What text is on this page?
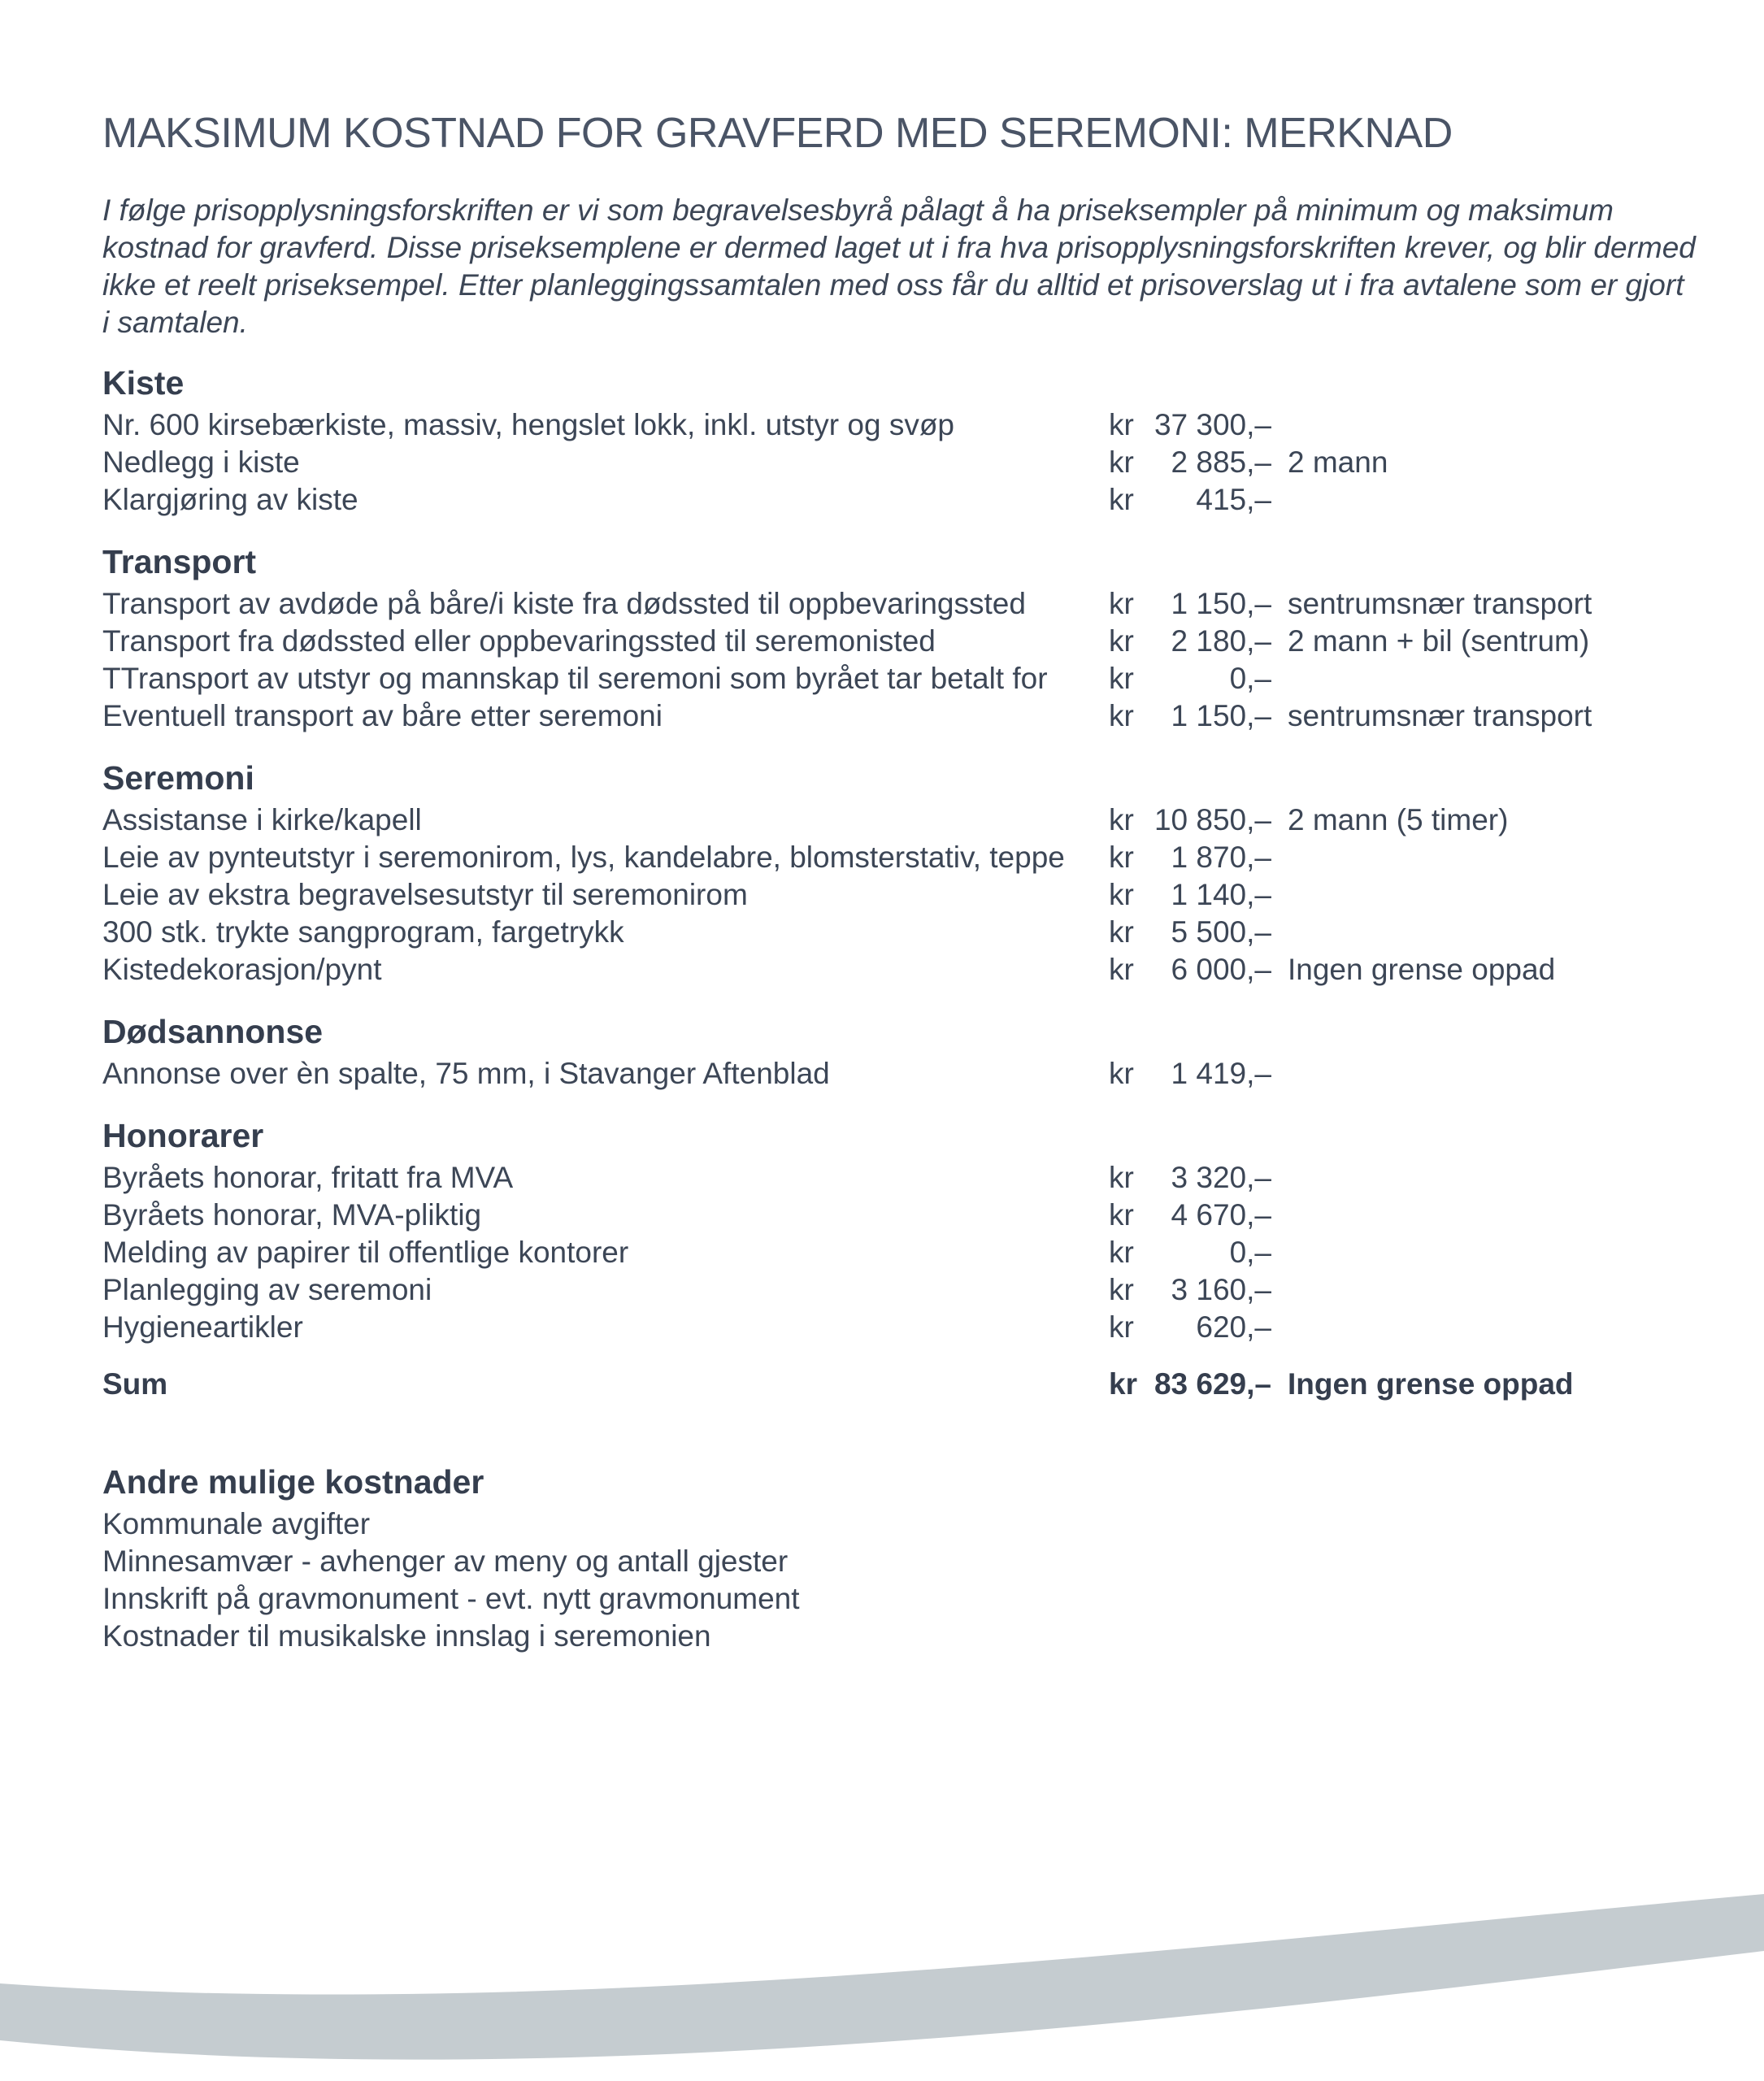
MAKSIMUM KOSTNAD FOR GRAVFERD MED SEREMONI: MERKNAD

I følge prisopplysningsforskriften er vi som begravelsesbyrå pålagt å ha priseksempler på minimum og maksimum kostnad for gravferd. Disse priseksemplene er dermed laget ut i fra hva prisopplysningsforskriften krever, og blir dermed ikke et reelt priseksempel. Etter planleggingssamtalen med oss får du alltid et prisoverslag ut i fra avtalene som er gjort i samtalen.

Kiste
Nr. 600 kirsebærkiste, massiv, hengslet lokk, inkl. utstyr og svøp	kr 37 300,–
Nedlegg i kiste	kr	2 885,– 2 mann
Klargjøring av kiste	kr	415,–
Transport
Transport av avdøde på båre/i kiste fra dødssted til oppbevaringssted	kr	1 150,– sentrumsnær transport
Transport fra dødssted eller oppbevaringssted til seremonisted	kr	2 180,– 2 mann + bil (sentrum)
TTransport av utstyr og mannskap til seremoni som byrået tar betalt for	kr	0,–
Eventuell transport av båre etter seremoni	kr	1 150,– sentrumsnær transport
Seremoni
Assistanse i kirke/kapell	kr 10 850,– 2 mann (5 timer)
Leie av pynteutstyr i seremonirom, lys, kandelabre, blomsterstativ, teppe	kr	1 870,–
Leie av ekstra begravelsesutstyr til seremonirom	kr	1 140,–
300 stk. trykte sangprogram, fargetrykk	kr	5 500,–
Kistedekorasjon/pynt	kr	6 000,– Ingen grense oppad
Dødsannonse
Annonse over èn spalte, 75 mm, i Stavanger Aftenblad	kr	1 419,–
Honorarer
Byråets honorar, fritatt fra MVA	kr	3 320,–
Byråets honorar, MVA-pliktig	kr	4 670,–
Melding av papirer til offentlige kontorer	kr	0,–
Planlegging av seremoni	kr	3 160,–
Hygieneartikler	kr	620,–
Sum	kr 83 629,– Ingen grense oppad
Andre mulige kostnader
Kommunale avgifter
Minnesamvær - avhenger av meny og antall gjester
Innskrift på gravmonument - evt. nytt gravmonument
Kostnader til musikalske innslag i seremonien
